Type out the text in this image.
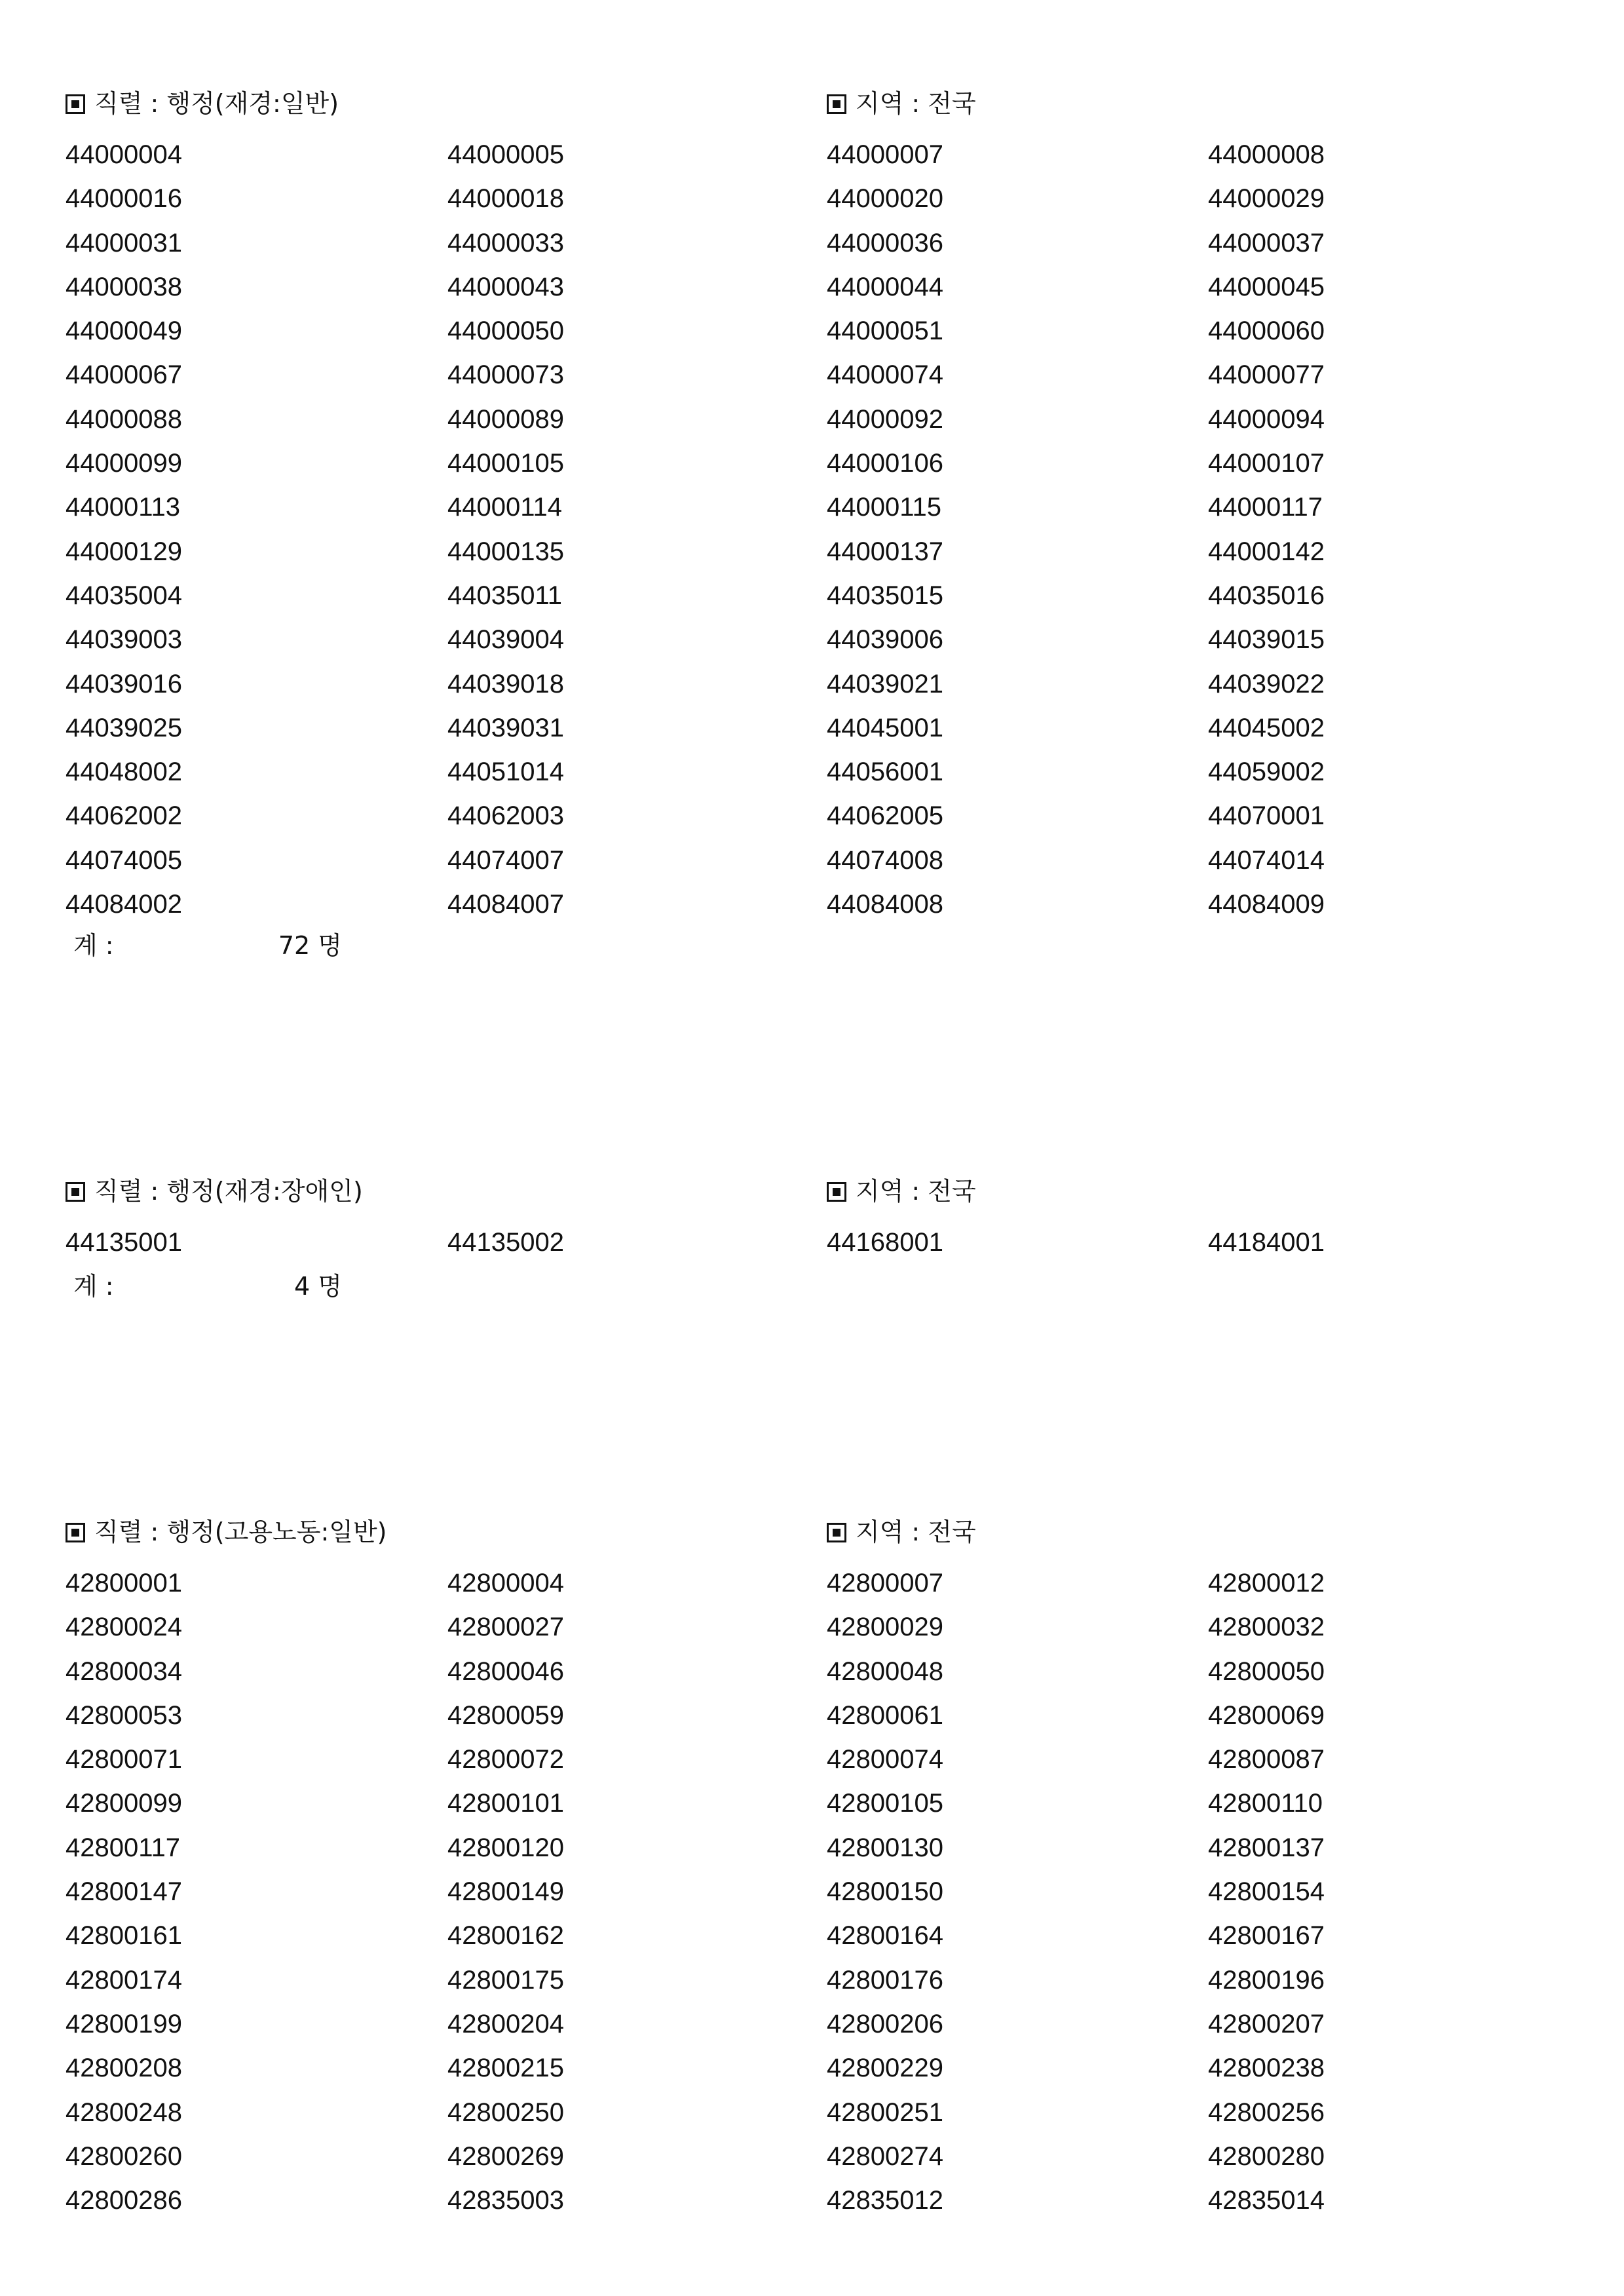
직렬 : 행정(재경:일반)	지역 : 전국
44000004	44000005	44000007	44000008
44000016	44000018	44000020	44000029
44000031	44000033	44000036	44000037
44000038	44000043	44000044	44000045
44000049	44000050	44000051	44000060
44000067	44000073	44000074	44000077
44000088	44000089	44000092	44000094
44000099	44000105	44000106	44000107
44000113	44000114	44000115	44000117
44000129	44000135	44000137	44000142
44035004	44035011	44035015	44035016
44039003	44039004	44039006	44039015
44039016	44039018	44039021	44039022
44039025	44039031	44045001	44045002
44048002	44051014	44056001	44059002
44062002	44062003	44062005	44070001
44074005	44074007	44074008	44074014
44084002	44084007	44084008	44084009
계 :	72 명
직렬 : 행정(재경:장애인)	지역 : 전국
44135001	44135002	44168001	44184001
계 :	4 명
직렬 : 행정(고용노동:일반)	지역 : 전국
42800001	42800004	42800007	42800012
42800024	42800027	42800029	42800032
42800034	42800046	42800048	42800050
42800053	42800059	42800061	42800069
42800071	42800072	42800074	42800087
42800099	42800101	42800105	42800110
42800117	42800120	42800130	42800137
42800147	42800149	42800150	42800154
42800161	42800162	42800164	42800167
42800174	42800175	42800176	42800196
42800199	42800204	42800206	42800207
42800208	42800215	42800229	42800238
42800248	42800250	42800251	42800256
42800260	42800269	42800274	42800280
42800286	42835003	42835012	42835014
